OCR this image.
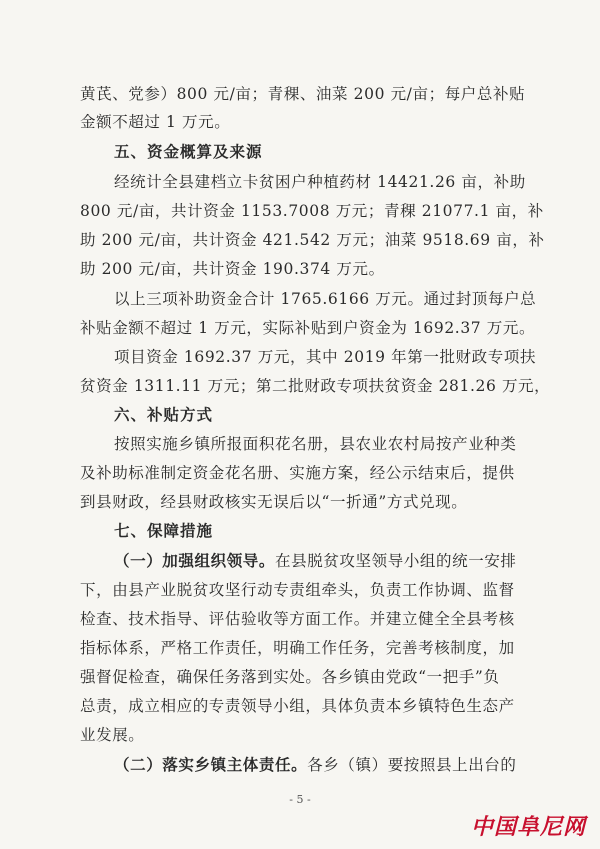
黄芪、党参）800 元/亩；青稞、油菜 200 元/亩；每户总补贴
金额不超过 1 万元。
五、资金概算及来源
经统计全县建档立卡贫困户种植药材 14421.26 亩，补助
800 元/亩，共计资金 1153.7008 万元；青稞 21077.1 亩，补
助 200 元/亩，共计资金 421.542 万元；油菜 9518.69 亩，补
助 200 元/亩，共计资金 190.374 万元。
以上三项补助资金合计 1765.6166 万元。通过封顶每户总
补贴金额不超过 1 万元，实际补贴到户资金为 1692.37 万元。
项目资金 1692.37 万元，其中 2019 年第一批财政专项扶
贫资金 1311.11 万元；第二批财政专项扶贫资金 281.26 万元，
六、补贴方式
按照实施乡镇所报面积花名册，县农业农村局按产业种类
及补助标准制定资金花名册、实施方案，经公示结束后，提供
到县财政，经县财政核实无误后以“一折通”方式兑现。
七、保障措施
（一）加强组织领导。在县脱贫攻坚领导小组的统一安排
下，由县产业脱贫攻坚行动专责组牵头，负责工作协调、监督
检查、技术指导、评估验收等方面工作。并建立健全全县考核
指标体系，严格工作责任，明确工作任务，完善考核制度，加
强督促检查，确保任务落到实处。各乡镇由党政“一把手”负
总责，成立相应的专责领导小组，具体负责本乡镇特色生态产
业发展。
（二）落实乡镇主体责任。各乡（镇）要按照县上出台的
- 5 -
中国阜尼网
